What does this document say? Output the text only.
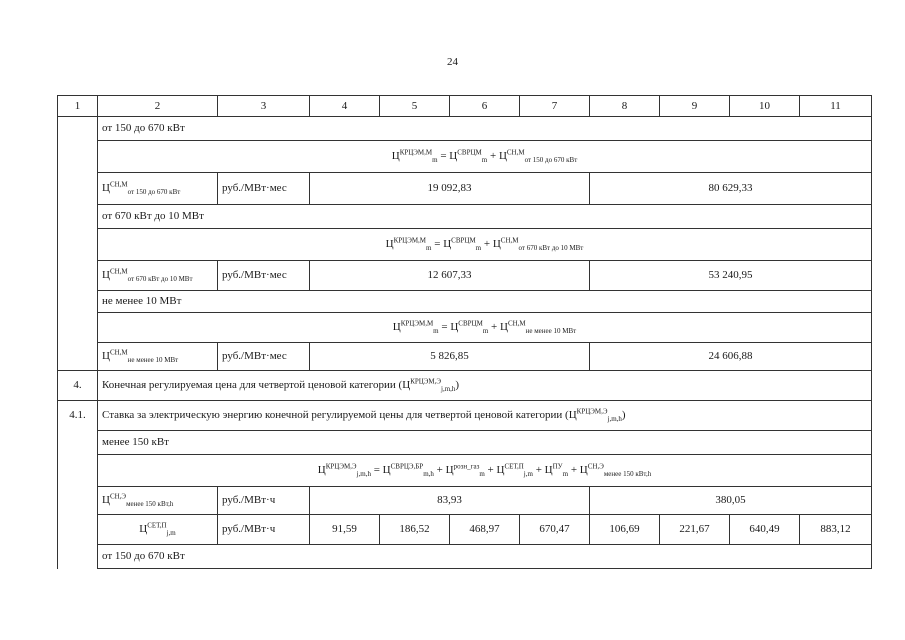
24
1	2	3	4	5	6	7	8	9	10	11
	от 150 до 670 кВт									
	$Ц^{КРЦЭМ,М}_m = Ц^{СВРЦМ}_m + Ц^{СН,М}_{от 150 до 670 кВт}$
	$Ц^{СН,М}_{от 150 до 670 кВт}$	руб./МВт·мес	19 092,83				80 629,33			
	от 670 кВт до 10 МВт									
	$Ц^{КРЦЭМ,М}_m = Ц^{СВРЦМ}_m + Ц^{СН,М}_{от 670 кВт до 10 МВт}$
	$Ц^{СН,М}_{от 670 кВт до 10 МВт}$	руб./МВт·мес	12 607,33				53 240,95			
	не менее 10 МВт									
	$Ц^{КРЦЭМ,М}_m = Ц^{СВРЦМ}_m + Ц^{СН,М}_{не менее 10 МВт}$
	$Ц^{СН,М}_{не менее 10 МВт}$	руб./МВт·мес	5 826,85				24 606,88			
4.	Конечная регулируемая цена для четвертой ценовой категории $(Ц^{КРЦЭМ,Э}_{j,m,h})$									
4.1.	Ставка за электрическую энергию конечной регулируемой цены для четвертой ценовой категории $(Ц^{КРЦЭМ,Э}_{j,m,h})$									
	менее 150 кВт									
	$Ц^{КРЦЭМ,Э}_{j,m,h} = Ц^{СВРЦЭ,БР}_{m,h} + Ц^{розн\_газ}_m + Ц^{СЕТ,П}_{j,m} + Ц^{ПУ}_m + Ц^{СН,Э}_{менее 150 кВт,h}$
	$Ц^{СН,Э}_{менее 150 кВт,h}$	руб./МВт·ч	83,93				380,05			
	$Ц^{СЕТ,П}_{j,m}$	руб./МВт·ч	91,59	186,52	468,97	670,47	106,69	221,67	640,49	883,12
	от 150 до 670 кВт									
